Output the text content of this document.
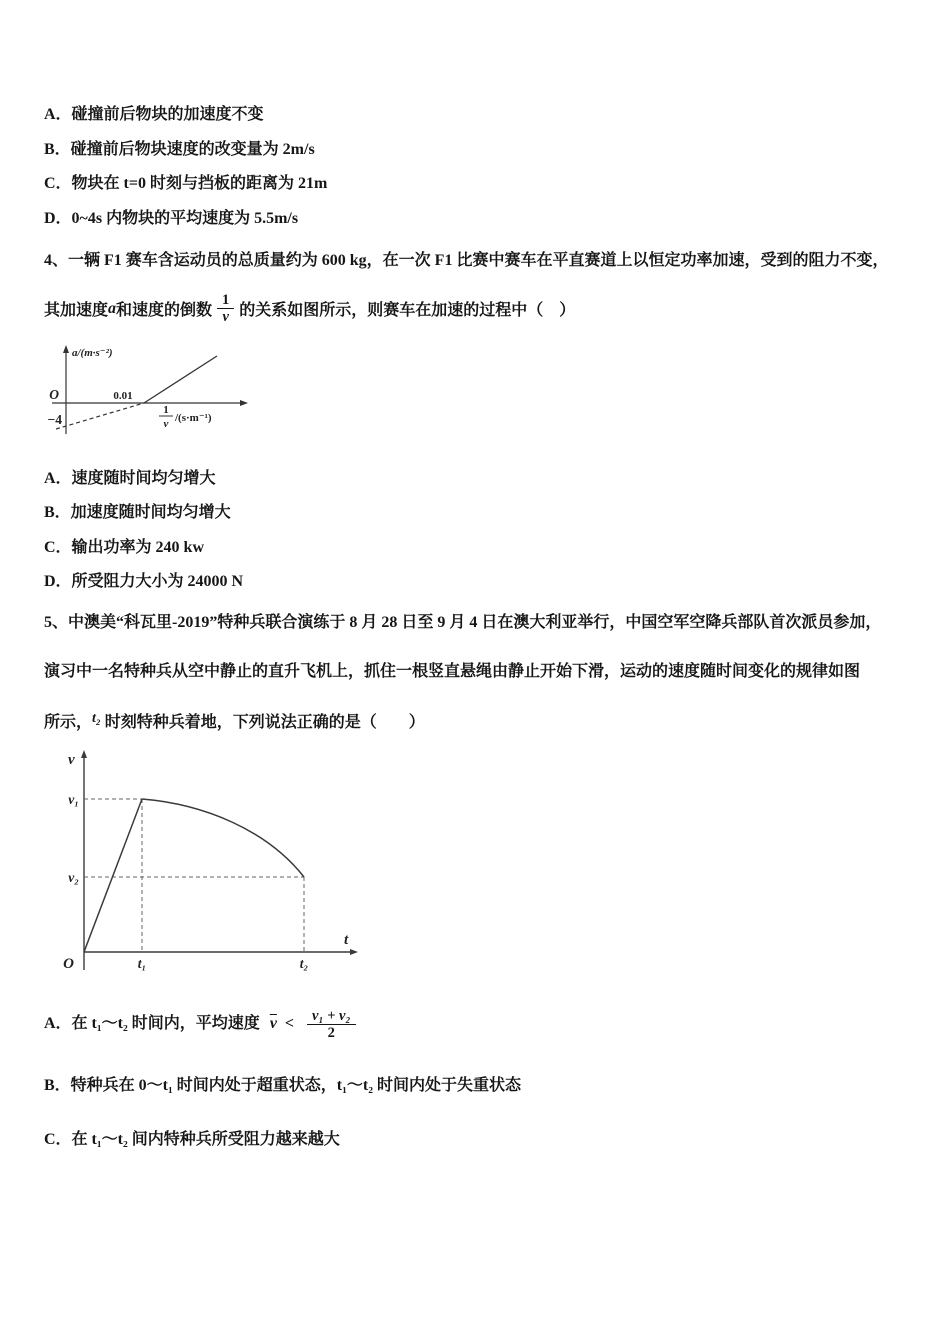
A．碰撞前后物块的加速度不变
B．碰撞前后物块速度的改变量为 2m/s
C．物块在 t=0 时刻与挡板的距离为 21m
D．0~4s 内物块的平均速度为 5.5m/s

4、一辆 F1 赛车含运动员的总质量约为 600 kg，在一次 F1 比赛中赛车在平直赛道上以恒定功率加速，受到的阻力不变，

其加速度 a 和速度的倒数 $\frac{1}{v}$ 的关系如图所示，则赛车在加速的过程中（　）
O
−4
0.01
a/(m·s⁻²)
1
v /(s·m⁻¹)
A．速度随时间均匀增大
B．加速度随时间均匀增大
C．输出功率为 240 kw
D．所受阻力大小为 24000 N

5、中澳美“科瓦里-2019”特种兵联合演练于 8 月 28 日至 9 月 4 日在澳大利亚举行，中国空军空降兵部队首次派员参加，

演习中一名特种兵从空中静止的直升飞机上，抓住一根竖直悬绳由静止开始下滑，运动的速度随时间变化的规律如图

所示，t₂ 时刻特种兵着地，下列说法正确的是（　　）

v
t
O
v₁
v₂
t₁	t₂
A．在 t₁～t₂ 时间内，平均速度 $\overline{v} < \frac{\text{v₁ + v₂}}{2}$
B．特种兵在 0～t₁ 时间内处于超重状态，t₁～t₂ 时间内处于失重状态
C．在 t₁～t₂ 间内特种兵所受阻力越来越大
